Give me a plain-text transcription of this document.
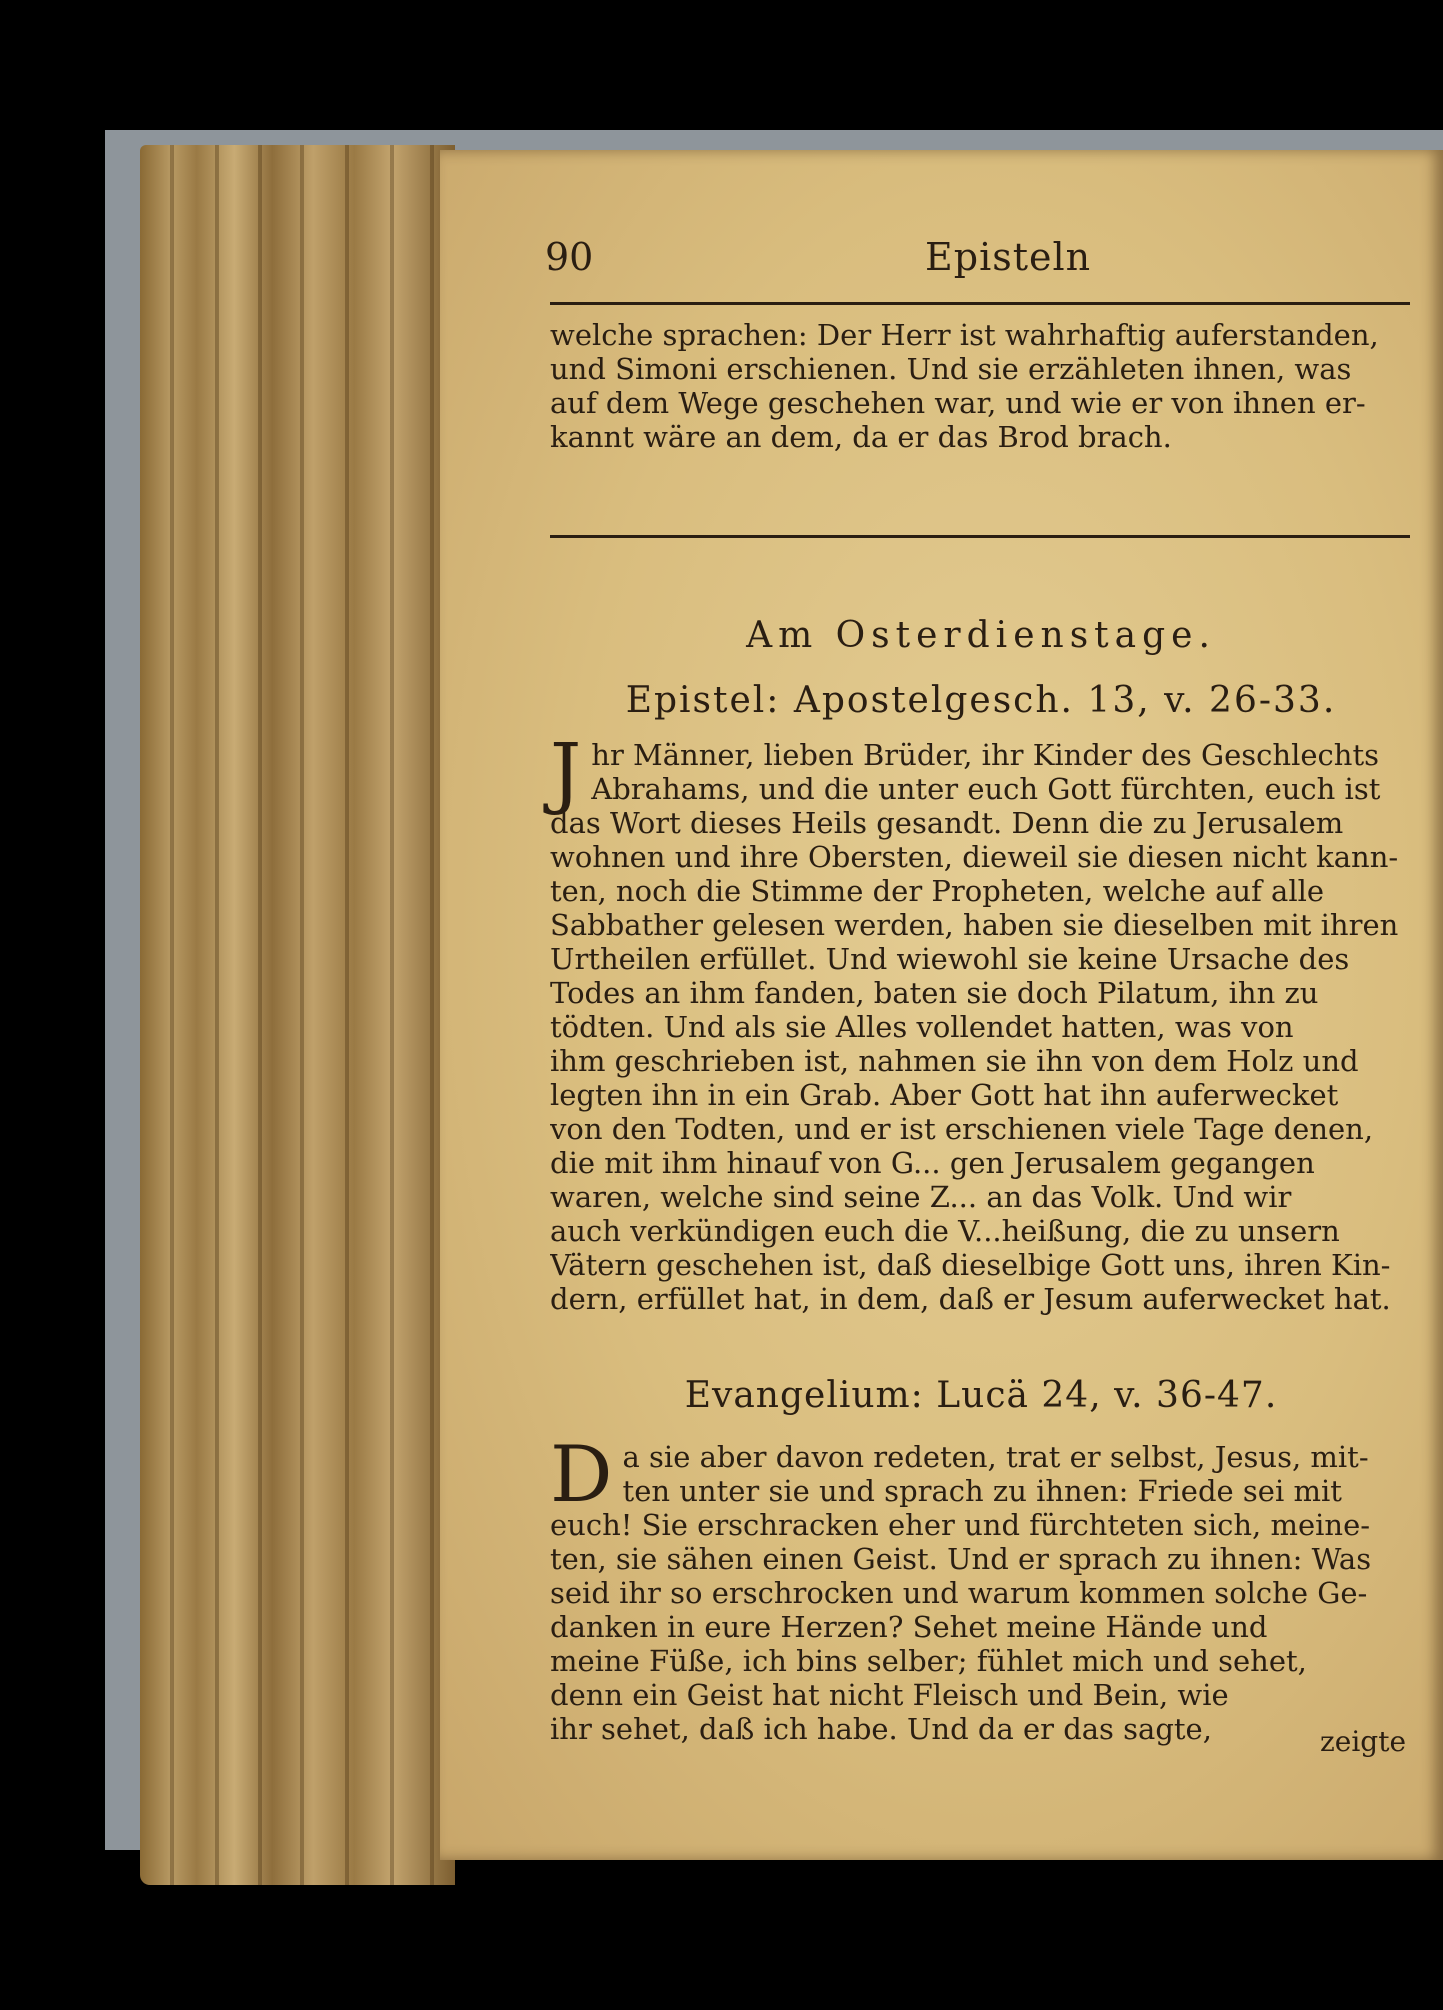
90	Episteln
welche sprachen: Der Herr ist wahrhaftig auferstanden,
und Simoni erschienen. Und sie erzähleten ihnen, was
auf dem Wege geschehen war, und wie er von ihnen er-
kannt wäre an dem, da er das Brod brach.
Am Osterdienstage.
Epistel: Apostelgesch. 13, v. 26-33.
J hr Männer, lieben Brüder, ihr Kinder des Geschlechts
Abrahams, und die unter euch Gott fürchten, euch ist
das Wort dieses Heils gesandt. Denn die zu Jerusalem
wohnen und ihre Obersten, dieweil sie diesen nicht kann-
ten, noch die Stimme der Propheten, welche auf alle
Sabbather gelesen werden, haben sie dieselben mit ihren
Urtheilen erfüllet. Und wiewohl sie keine Ursache des
Todes an ihm fanden, baten sie doch Pilatum, ihn zu
tödten. Und als sie Alles vollendet hatten, was von
ihm geschrieben ist, nahmen sie ihn von dem Holz und
legten ihn in ein Grab. Aber Gott hat ihn auferwecket
von den Todten, und er ist erschienen viele Tage denen,
die mit ihm hinauf von G... gen Jerusalem gegangen
waren, welche sind seine Z... an das Volk. Und wir
auch verkündigen euch die V...heißung, die zu unsern
Vätern geschehen ist, daß dieselbige Gott uns, ihren Kin-
dern, erfüllet hat, in dem, daß er Jesum auferwecket hat.
Evangelium: Lucä 24, v. 36-47.
D a sie aber davon redeten, trat er selbst, Jesus, mit-
ten unter sie und sprach zu ihnen: Friede sei mit
euch! Sie erschracken eher und fürchteten sich, meine-
ten, sie sähen einen Geist. Und er sprach zu ihnen: Was
seid ihr so erschrocken und warum kommen solche Ge-
danken in eure Herzen? Sehet meine Hände und
meine Füße, ich bins selber; fühlet mich und sehet,
denn ein Geist hat nicht Fleisch und Bein, wie
ihr sehet, daß ich habe. Und da er das sagte,	zeigte
